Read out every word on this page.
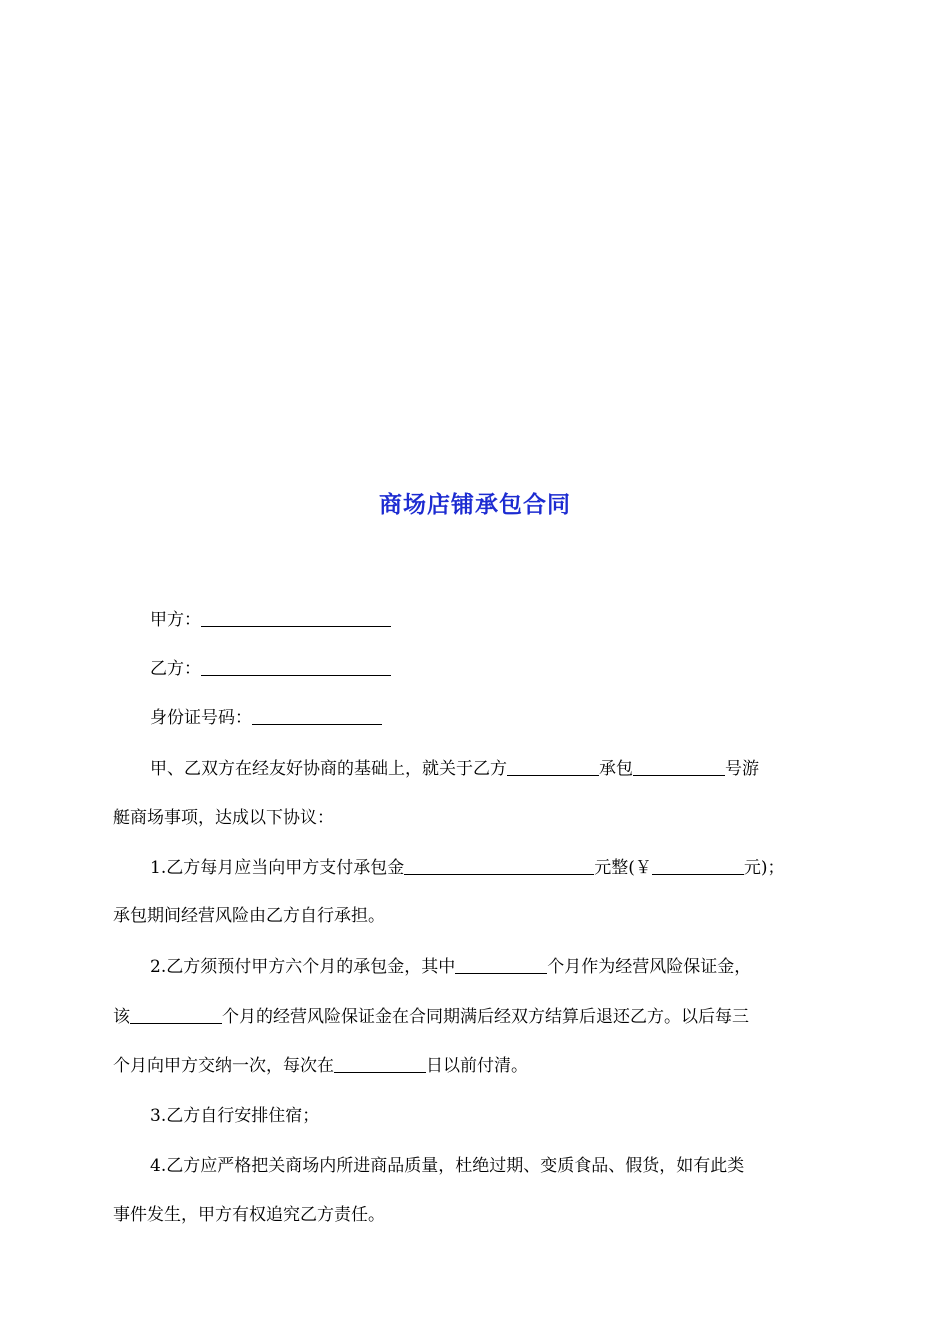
商场店铺承包合同
甲方：
乙方：
身份证号码：
甲、乙双方在经友好协商的基础上，就关于乙方	承包	号游
艇商场事项，达成以下协议：
1.乙方每月应当向甲方支付承包金	元整(￥	元)；
承包期间经营风险由乙方自行承担。
2.乙方须预付甲方六个月的承包金，其中	个月作为经营风险保证金，
该	个月的经营风险保证金在合同期满后经双方结算后退还乙方。以后每三
个月向甲方交纳一次，每次在	日以前付清。
3.乙方自行安排住宿；
4.乙方应严格把关商场内所进商品质量，杜绝过期、变质食品、假货，如有此类
事件发生，甲方有权追究乙方责任。
